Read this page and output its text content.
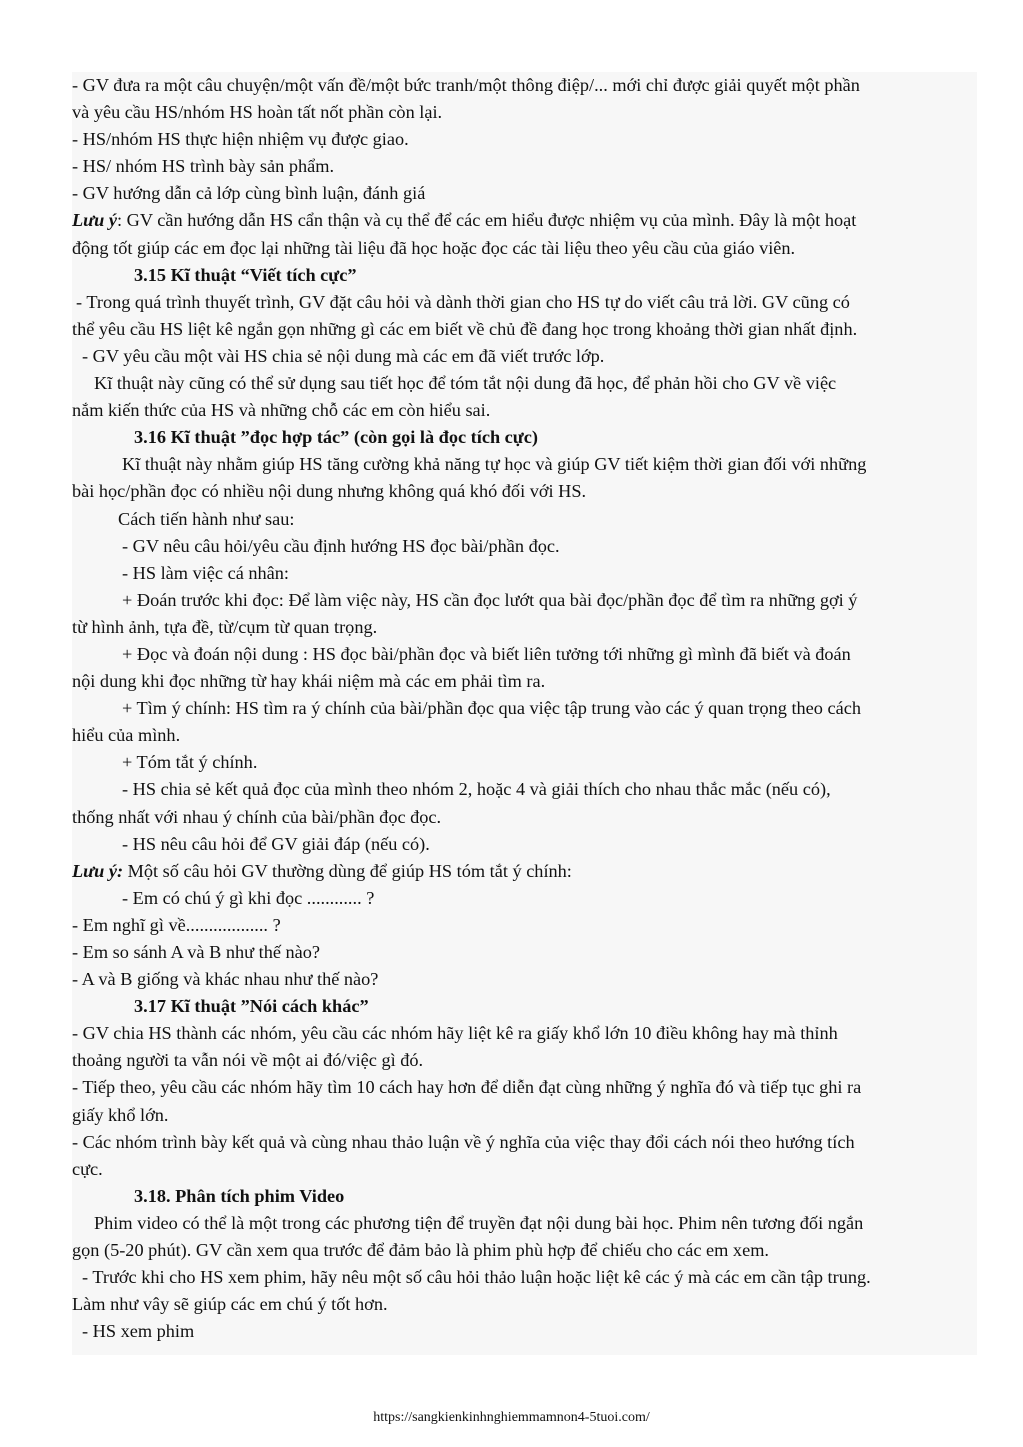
- GV đưa ra một câu chuyện/một vấn đề/một bức tranh/một thông điệp/... mới chỉ được giải quyết một phần

và yêu cầu HS/nhóm HS hoàn tất nốt phần còn lại.

- HS/nhóm HS thực hiện nhiệm vụ được giao.

- HS/ nhóm HS trình bày sản phẩm.

- GV hướng dẫn cả lớp cùng bình luận, đánh giá

Lưu ý: GV cần hướng dẫn HS cẩn thận và cụ thể để các em hiểu được nhiệm vụ của mình. Đây là một hoạt

động tốt giúp các em đọc lại những tài liệu đã học hoặc đọc các tài liệu theo yêu cầu của giáo viên.

3.15 Kĩ thuật “Viết tích cực”

- Trong quá trình thuyết trình, GV đặt câu hỏi và dành thời gian cho HS tự do viết câu trả lời. GV cũng có

thể yêu cầu HS liệt kê ngắn gọn những gì các em biết về chủ đề đang học trong khoảng thời gian nhất định.

- GV yêu cầu một vài HS chia sẻ nội dung mà các em đã viết trước lớp.

Kĩ thuật này cũng có thể sử dụng sau tiết học để tóm tắt nội dung đã học, để phản hồi cho GV về việc

nắm kiến thức của HS và những chỗ các em còn hiểu sai.

3.16 Kĩ thuật ”đọc hợp tác” (còn gọi là đọc tích cực)

Kĩ thuật này nhằm giúp HS tăng cường khả năng tự học và giúp GV tiết kiệm thời gian đối với những

bài học/phần đọc có nhiều nội dung nhưng không quá khó đối với HS.

Cách tiến hành như sau:

- GV nêu câu hỏi/yêu cầu định hướng HS đọc bài/phần đọc.

- HS làm việc cá nhân:

+ Đoán trước khi đọc: Để làm việc này, HS cần đọc lướt qua bài đọc/phần đọc để tìm ra những gợi ý

từ hình ảnh, tựa đề, từ/cụm từ quan trọng.

+ Đọc và đoán nội dung : HS đọc bài/phần đọc và biết liên tưởng tới những gì mình đã biết và đoán

nội dung khi đọc những từ hay khái niệm mà các em phải tìm ra.

+ Tìm ý chính: HS tìm ra ý chính của bài/phần đọc qua việc tập trung vào các ý quan trọng theo cách

hiểu của mình.

+ Tóm tắt ý chính.

- HS chia sẻ kết quả đọc của mình theo nhóm 2, hoặc 4 và giải thích cho nhau thắc mắc (nếu có),

thống nhất với nhau ý chính của bài/phần đọc đọc.

- HS nêu câu hỏi để GV giải đáp (nếu có).

Lưu ý: Một số câu hỏi GV thường dùng để giúp HS tóm tắt ý chính:

- Em có chú ý gì khi đọc ............ ?

- Em nghĩ gì về.................. ?

- Em so sánh A và B như thế nào?

- A và B giống và khác nhau như thế nào?

3.17 Kĩ thuật ”Nói cách khác”

- GV chia HS thành các nhóm, yêu cầu các nhóm hãy liệt kê ra giấy khổ lớn 10 điều không hay mà thỉnh

thoảng người ta vẫn nói về một ai đó/việc gì đó.

- Tiếp theo, yêu cầu các nhóm hãy tìm 10 cách hay hơn để diễn đạt cùng những ý nghĩa đó và tiếp tục ghi ra

giấy khổ lớn.

- Các nhóm trình bày kết quả và cùng nhau thảo luận về ý nghĩa của việc thay đổi cách nói theo hướng tích

cực.

3.18. Phân tích phim Video

Phim video có thể là một trong các phương tiện để truyền đạt nội dung bài học. Phim nên tương đối ngắn

gọn (5-20 phút). GV cần xem qua trước để đảm bảo là phim phù hợp để chiếu cho các em xem.

- Trước khi cho HS xem phim, hãy nêu một số câu hỏi thảo luận hoặc liệt kê các ý mà các em cần tập trung.

Làm như vây sẽ giúp các em chú ý tốt hơn.

- HS xem phim

https://sangkienkinhnghiemmamnon4-5tuoi.com/
